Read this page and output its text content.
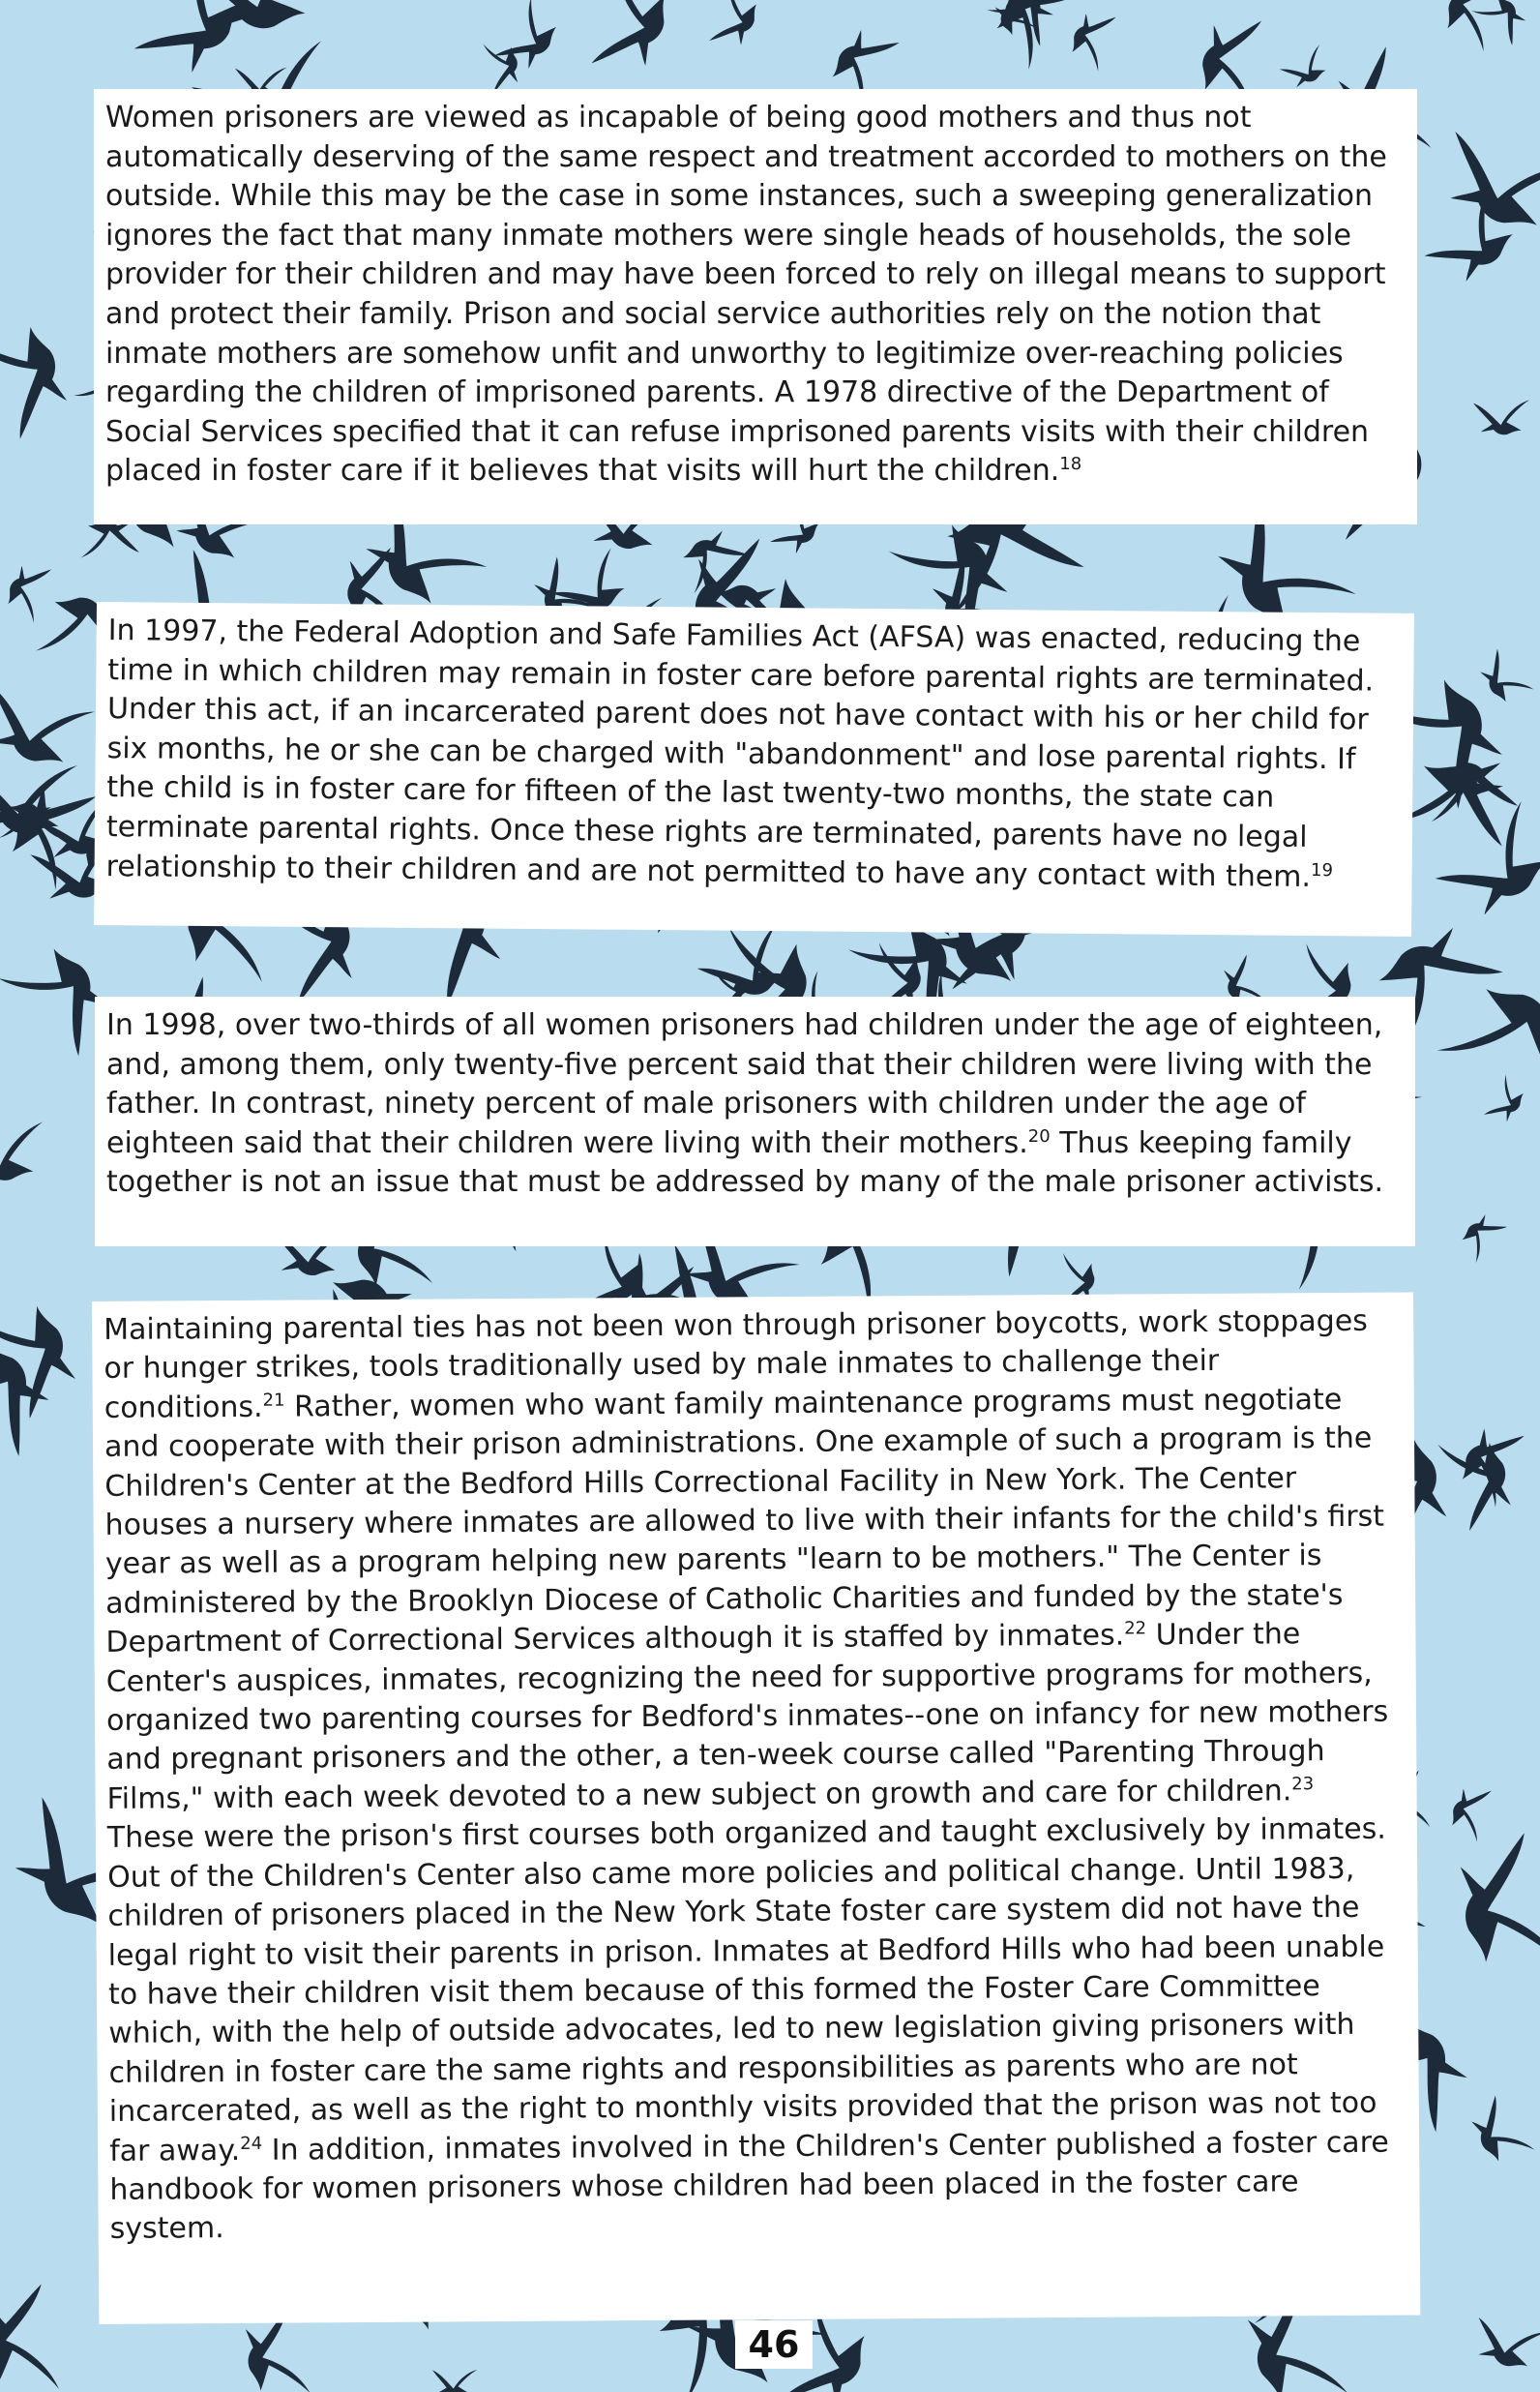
Women prisoners are viewed as incapable of being good mothers and thus not automatically deserving of the same respect and treatment accorded to mothers on the outside. While this may be the case in some instances, such a sweeping generalization ignores the fact that many inmate mothers were single heads of households, the sole provider for their children and may have been forced to rely on illegal means to support and protect their family. Prison and social service authorities rely on the notion that inmate mothers are somehow unfit and unworthy to legitimize over-reaching policies regarding the children of imprisoned parents. A 1978 directive of the Department of Social Services specified that it can refuse imprisoned parents visits with their children placed in foster care if it believes that visits will hurt the children.$^{18}$

In 1997, the Federal Adoption and Safe Families Act (AFSA) was enacted, reducing the time in which children may remain in foster care before parental rights are terminated. Under this act, if an incarcerated parent does not have contact with his or her child for six months, he or she can be charged with "abandonment" and lose parental rights. If the child is in foster care for fifteen of the last twenty-two months, the state can terminate parental rights. Once these rights are terminated, parents have no legal relationship to their children and are not permitted to have any contact with them.$^{19}$

In 1998, over two-thirds of all women prisoners had children under the age of eighteen, and, among them, only twenty-five percent said that their children were living with the father. In contrast, ninety percent of male prisoners with children under the age of eighteen said that their children were living with their mothers.$^{20}$ Thus keeping family together is not an issue that must be addressed by many of the male prisoner activists.

Maintaining parental ties has not been won through prisoner boycotts, work stoppages or hunger strikes, tools traditionally used by male inmates to challenge their conditions.$^{21}$ Rather, women who want family maintenance programs must negotiate and cooperate with their prison administrations. One example of such a program is the Children's Center at the Bedford Hills Correctional Facility in New York. The Center houses a nursery where inmates are allowed to live with their infants for the child's first year as well as a program helping new parents "learn to be mothers." The Center is administered by the Brooklyn Diocese of Catholic Charities and funded by the state's Department of Correctional Services although it is staffed by inmates.$^{22}$ Under the Center's auspices, inmates, recognizing the need for supportive programs for mothers, organized two parenting courses for Bedford's inmates--one on infancy for new mothers and pregnant prisoners and the other, a ten-week course called "Parenting Through Films," with each week devoted to a new subject on growth and care for children.$^{23}$ These were the prison's first courses both organized and taught exclusively by inmates. Out of the Children's Center also came more policies and political change. Until 1983, children of prisoners placed in the New York State foster care system did not have the legal right to visit their parents in prison. Inmates at Bedford Hills who had been unable to have their children visit them because of this formed the Foster Care Committee which, with the help of outside advocates, led to new legislation giving prisoners with children in foster care the same rights and responsibilities as parents who are not incarcerated, as well as the right to monthly visits provided that the prison was not too far away.$^{24}$ In addition, inmates involved in the Children's Center published a foster care handbook for women prisoners whose children had been placed in the foster care system.

46
